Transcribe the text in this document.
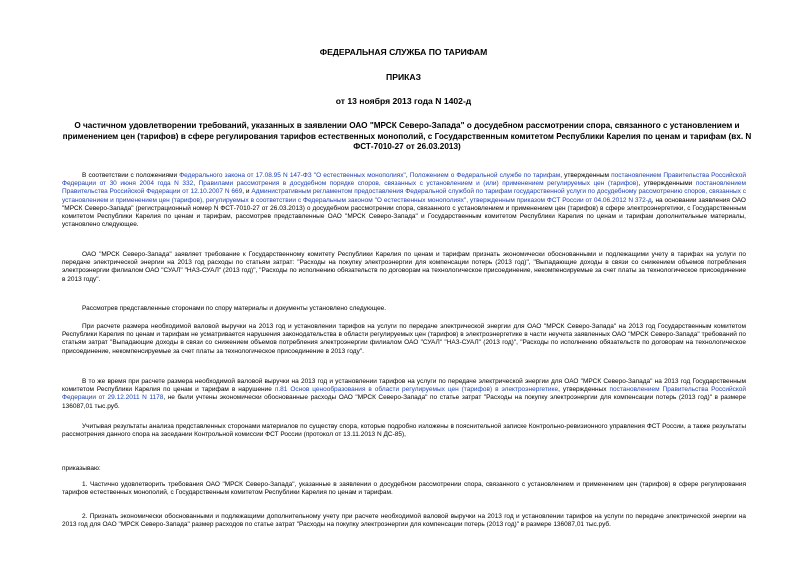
ФЕДЕРАЛЬНАЯ СЛУЖБА ПО ТАРИФАМ
ПРИКАЗ
от 13 ноября 2013 года N 1402-д
О частичном удовлетворении требований, указанных в заявлении ОАО "МРСК Северо-Запада" о досудебном рассмотрении спора, связанного с установлением и применением цен (тарифов) в сфере регулирования тарифов естественных монополий, с Государственным комитетом Республики Карелия по ценам и тарифам (вх. N ФСТ-7010-27 от 26.03.2013)
В соответствии с положениями Федерального закона от 17.08.95 N 147-ФЗ "О естественных монополиях", Положением о Федеральной службе по тарифам, утвержденным постановлением Правительства Российской Федерации от 30 июня 2004 года N 332, Правилами рассмотрения в досудебном порядке споров, связанных с установлением и (или) применением регулируемых цен (тарифов), утвержденными постановлением Правительства Российской Федерации от 12.10.2007 N 669, и Административным регламентом предоставления Федеральной службой по тарифам государственной услуги по досудебному рассмотрению споров, связанных с установлением и применением цен (тарифов), регулируемых в соответствии с Федеральным законом "О естественных монополиях", утвержденным приказом ФСТ России от 04.06.2012 N 372-д, на основании заявления ОАО "МРСК Северо-Запада" (регистрационный номер N ФСТ-7010-27 от 26.03.2013) о досудебном рассмотрении спора, связанного с установлением и применением цен (тарифов) в сфере электроэнергетики, с Государственным комитетом Республики Карелия по ценам и тарифам, рассмотрев представленные ОАО "МРСК Северо-Запада" и Государственным комитетом Республики Карелия по ценам и тарифам дополнительные материалы, установлено следующее.
ОАО "МРСК Северо-Запада" заявляет требование к Государственному комитету Республики Карелия по ценам и тарифам признать экономически обоснованными и подлежащими учету в тарифах на услуги по передаче электрической энергии на 2013 год расходы по статьям затрат: "Расходы на покупку электроэнергии для компенсации потерь (2013 год)", "Выпадающие доходы в связи со снижением объемов потребления электроэнергии филиалом ОАО "СУАЛ" "НАЗ-СУАЛ" (2013 год)", "Расходы по исполнению обязательств по договорам на технологическое присоединение, некомпенсируемые за счет платы за технологическое присоединение в 2013 году".
Рассмотрев представленные сторонами по спору материалы и документы установлено следующее.
При расчете размера необходимой валовой выручки на 2013 год и установлении тарифов на услуги по передаче электрической энергии для ОАО "МРСК Северо-Запада" на 2013 год Государственным комитетом Республики Карелия по ценам и тарифам не усматривается нарушения законодательства в области регулируемых цен (тарифов) в электроэнергетике в части неучета заявленных ОАО "МРСК Северо-Запада" требований по статьям затрат "Выпадающие доходы в связи со снижением объемов потребления электроэнергии филиалом ОАО "СУАЛ" "НАЗ-СУАЛ" (2013 год)", "Расходы по исполнению обязательств по договорам на технологическое присоединение, некомпенсируемые за счет платы за технологическое присоединение в 2013 году".
В то же время при расчете размера необходимой валовой выручки на 2013 год и установлении тарифов на услуги по передаче электрической энергии для ОАО "МРСК Северо-Запада" на 2013 год Государственным комитетом Республики Карелия по ценам и тарифам в нарушение п.81 Основ ценообразования в области регулируемых цен (тарифов) в электроэнергетике, утвержденных постановлением Правительства Российской Федерации от 29.12.2011 N 1178, не были учтены экономически обоснованные расходы ОАО "МРСК Северо-Запада" по статье затрат "Расходы на покупку электроэнергии для компенсации потерь (2013 год)" в размере 136087,01 тыс.руб.
Учитывая результаты анализа представленных сторонами материалов по существу спора, которые подробно изложены в пояснительной записке Контрольно-ревизионного управления ФСТ России, а также результаты рассмотрения данного спора на заседании Контрольной комиссии ФСТ России (протокол от 13.11.2013 N ДС-85),
приказываю:
1. Частично удовлетворить требования ОАО "МРСК Северо-Запада", указанные в заявлении о досудебном рассмотрении спора, связанного с установлением и применением цен (тарифов) в сфере регулирования тарифов естественных монополий, с Государственным комитетом Республики Карелия по ценам и тарифам.
2. Признать экономически обоснованными и подлежащими дополнительному учету при расчете необходимой валовой выручки на 2013 год и установлении тарифов на услуги по передаче электрической энергии на 2013 год для ОАО "МРСК Северо-Запада" размер расходов по статье затрат "Расходы на покупку электроэнергии для компенсации потерь (2013 год)" в размере 136087,01 тыс.руб.
